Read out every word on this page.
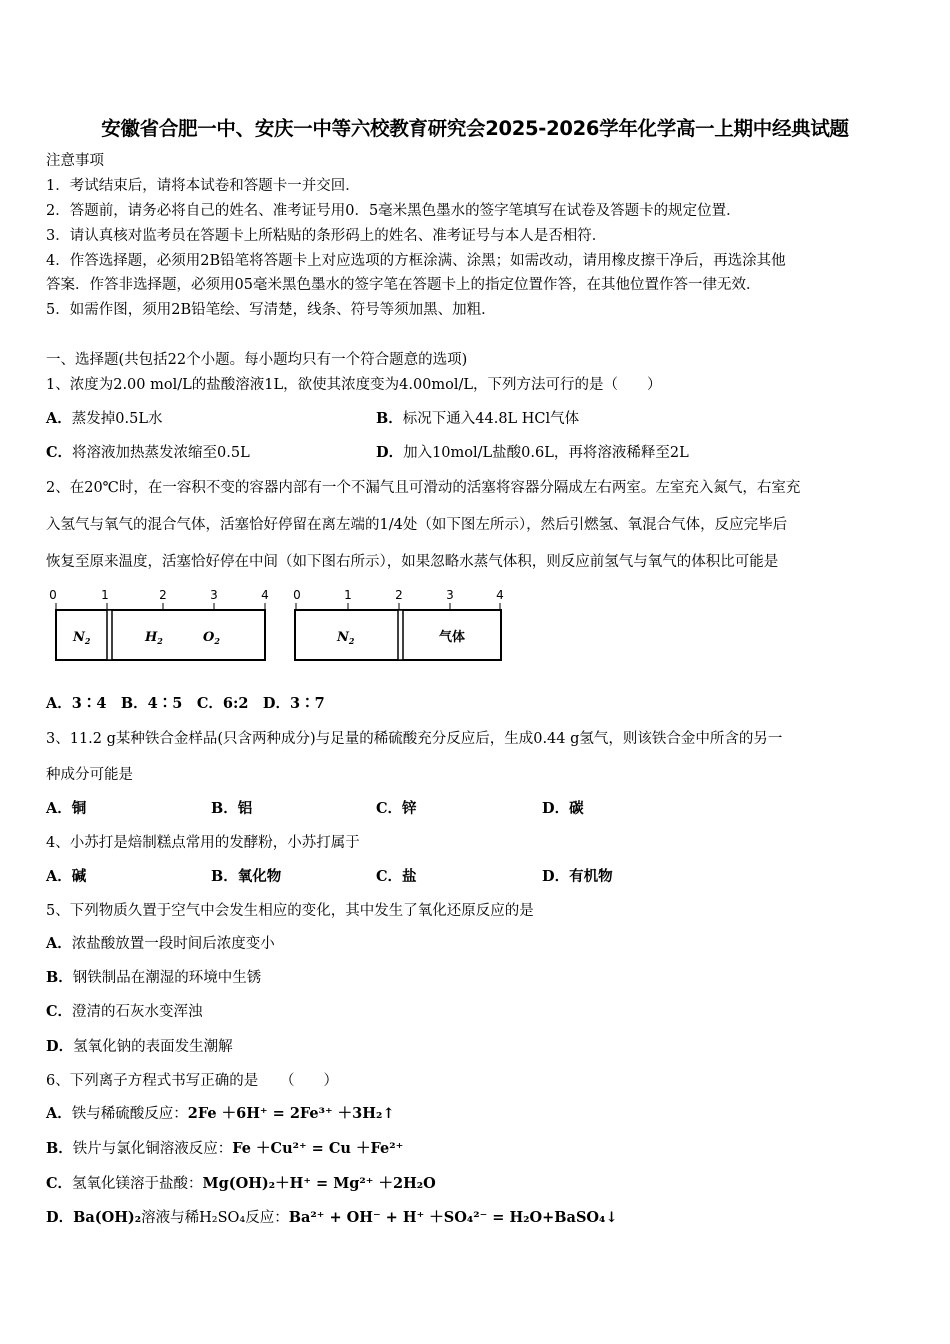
安徽省合肥一中、安庆一中等六校教育研究会2025-2026学年化学高一上期中经典试题
注意事项
1．考试结束后，请将本试卷和答题卡一并交回．
2．答题前，请务必将自己的姓名、准考证号用0．5毫米黑色墨水的签字笔填写在试卷及答题卡的规定位置．
3．请认真核对监考员在答题卡上所粘贴的条形码上的姓名、准考证号与本人是否相符．
4．作答选择题，必须用2B铅笔将答题卡上对应选项的方框涂满、涂黑；如需改动，请用橡皮擦干净后，再选涂其他
答案．作答非选择题，必须用05毫米黑色墨水的签字笔在答题卡上的指定位置作答，在其他位置作答一律无效．
5．如需作图，须用2B铅笔绘、写清楚，线条、符号等须加黑、加粗．
一、选择题(共包括22个小题。每小题均只有一个符合题意的选项)
1、浓度为2.00 mol/L的盐酸溶液1L，欲使其浓度变为4.00mol/L，下列方法可行的是（　　）
A．蒸发掉0.5L水	B．标况下通入44.8L HCl气体
C．将溶液加热蒸发浓缩至0.5L	D．加入10mol/L盐酸0.6L，再将溶液稀释至2L
2、在20℃时，在一容积不变的容器内部有一个不漏气且可滑动的活塞将容器分隔成左右两室。左室充入氮气，右室充
入氢气与氧气的混合气体，活塞恰好停留在离左端的1/4处（如下图左所示），然后引燃氢、氧混合气体，反应完毕后
恢复至原来温度，活塞恰好停在中间（如下图右所示），如果忽略水蒸气体积，则反应前氢气与氧气的体积比可能是
0	1	2	3	4
$N_2$	$H_2$	$O_2$
0	1	2	3	4
$N_2$	气体
A．3∶4　B．4∶5　C．6:2　D．3∶7
3、11.2 g某种铁合金样品(只含两种成分)与足量的稀硫酸充分反应后，生成0.44 g氢气，则该铁合金中所含的另一
种成分可能是
A．铜	B．铝	C．锌	D．碳
4、小苏打是焙制糕点常用的发酵粉，小苏打属于
A．碱	B．氧化物	C．盐	D．有机物
5、下列物质久置于空气中会发生相应的变化，其中发生了氧化还原反应的是
A．浓盐酸放置一段时间后浓度变小
B．钢铁制品在潮湿的环境中生锈
C．澄清的石灰水变浑浊
D．氢氧化钠的表面发生潮解
6、下列离子方程式书写正确的是　　（　　）
A．铁与稀硫酸反应：2Fe ＋6H⁺ = 2Fe³⁺ ＋3H₂↑
B．铁片与氯化铜溶液反应：Fe ＋Cu²⁺ = Cu ＋Fe²⁺
C．氢氧化镁溶于盐酸：Mg(OH)₂＋H⁺ = Mg²⁺ ＋2H₂O
D．Ba(OH)₂溶液与稀H₂SO₄反应：Ba²⁺ + OH⁻ + H⁺ ＋SO₄²⁻ = H₂O+BaSO₄↓
